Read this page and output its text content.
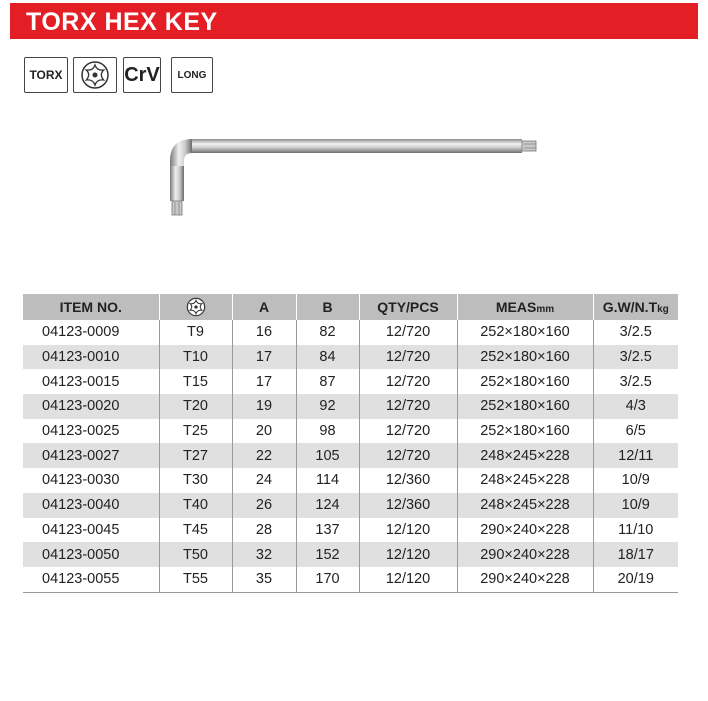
TORX HEX KEY
TORX	CrV LONG
ITEM NO.		A	B	QTY/PCS	MEASmm	G.W/N.Tkg
04123-0009	T9	16	82	12/720	252×180×160	3/2.5
04123-0010	T10	17	84	12/720	252×180×160	3/2.5
04123-0015	T15	17	87	12/720	252×180×160	3/2.5
04123-0020	T20	19	92	12/720	252×180×160	4/3
04123-0025	T25	20	98	12/720	252×180×160	6/5
04123-0027	T27	22	105	12/720	248×245×228	12/11
04123-0030	T30	24	114	12/360	248×245×228	10/9
04123-0040	T40	26	124	12/360	248×245×228	10/9
04123-0045	T45	28	137	12/120	290×240×228	11/10
04123-0050	T50	32	152	12/120	290×240×228	18/17
04123-0055	T55	35	170	12/120	290×240×228	20/19
